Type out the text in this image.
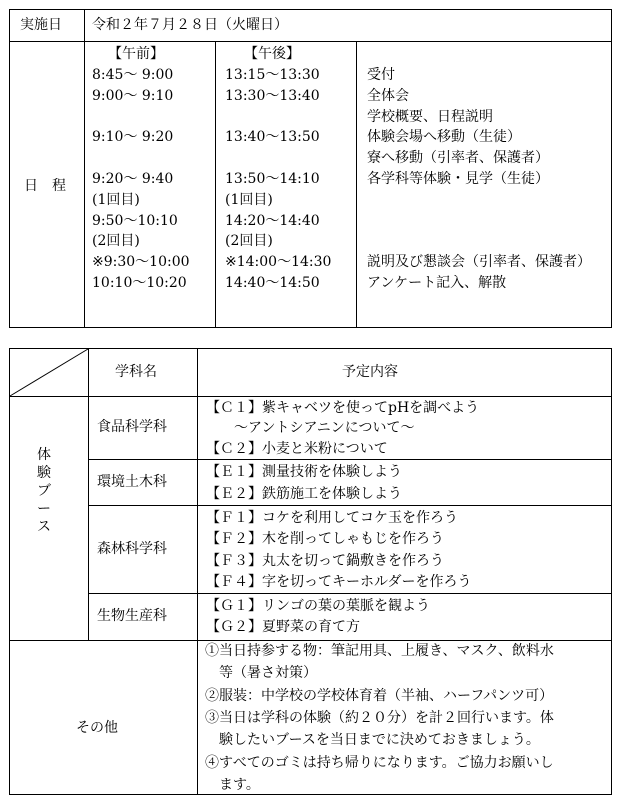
実施日 令和２年７月２８日（火曜日）
日　程
【午前】	【午後】
8:45～ 9:00
9:00～ 9:10

9:10～ 9:20

9:20～ 9:40
(1回目)
9:50～10:10
(2回目)
※9:30～10:00
10:10～10:20
13:15～13:30
13:30～13:40

13:40～13:50

13:50～14:10
(1回目)
14:20～14:40
(2回目)
※14:00～14:30
14:40～14:50
受付
全体会
学校概要、日程説明
体験会場へ移動（生徒）
寮へ移動（引率者、保護者）
各学科等体験・見学（生徒）

説明及び懇談会（引率者、保護者）
アンケート記入、解散
学科名	予定内容
体験ブース
食品科学科
環境土木科
森林科学科
生物生産科
【Ｃ１】紫キャベツを使ってpHを調べよう
　　～アントシアニンについて～
【Ｃ２】小麦と米粉について
【Ｅ１】測量技術を体験しよう
【Ｅ２】鉄筋施工を体験しよう
【Ｆ１】コケを利用してコケ玉を作ろう
【Ｆ２】木を削ってしゃもじを作ろう
【Ｆ３】丸太を切って鍋敷きを作ろう
【Ｆ４】字を切ってキーホルダーを作ろう
【Ｇ１】リンゴの葉の葉脈を観よう
【Ｇ２】夏野菜の育て方
その他
①当日持参する物：筆記用具、上履き、マスク、飲料水
　等（暑さ対策）
②服装：中学校の学校体育着（半袖、ハーフパンツ可）
③当日は学科の体験（約２０分）を計２回行います。体
　験したいブースを当日までに決めておきましょう。
④すべてのゴミは持ち帰りになります。ご協力お願いし
　ます。
